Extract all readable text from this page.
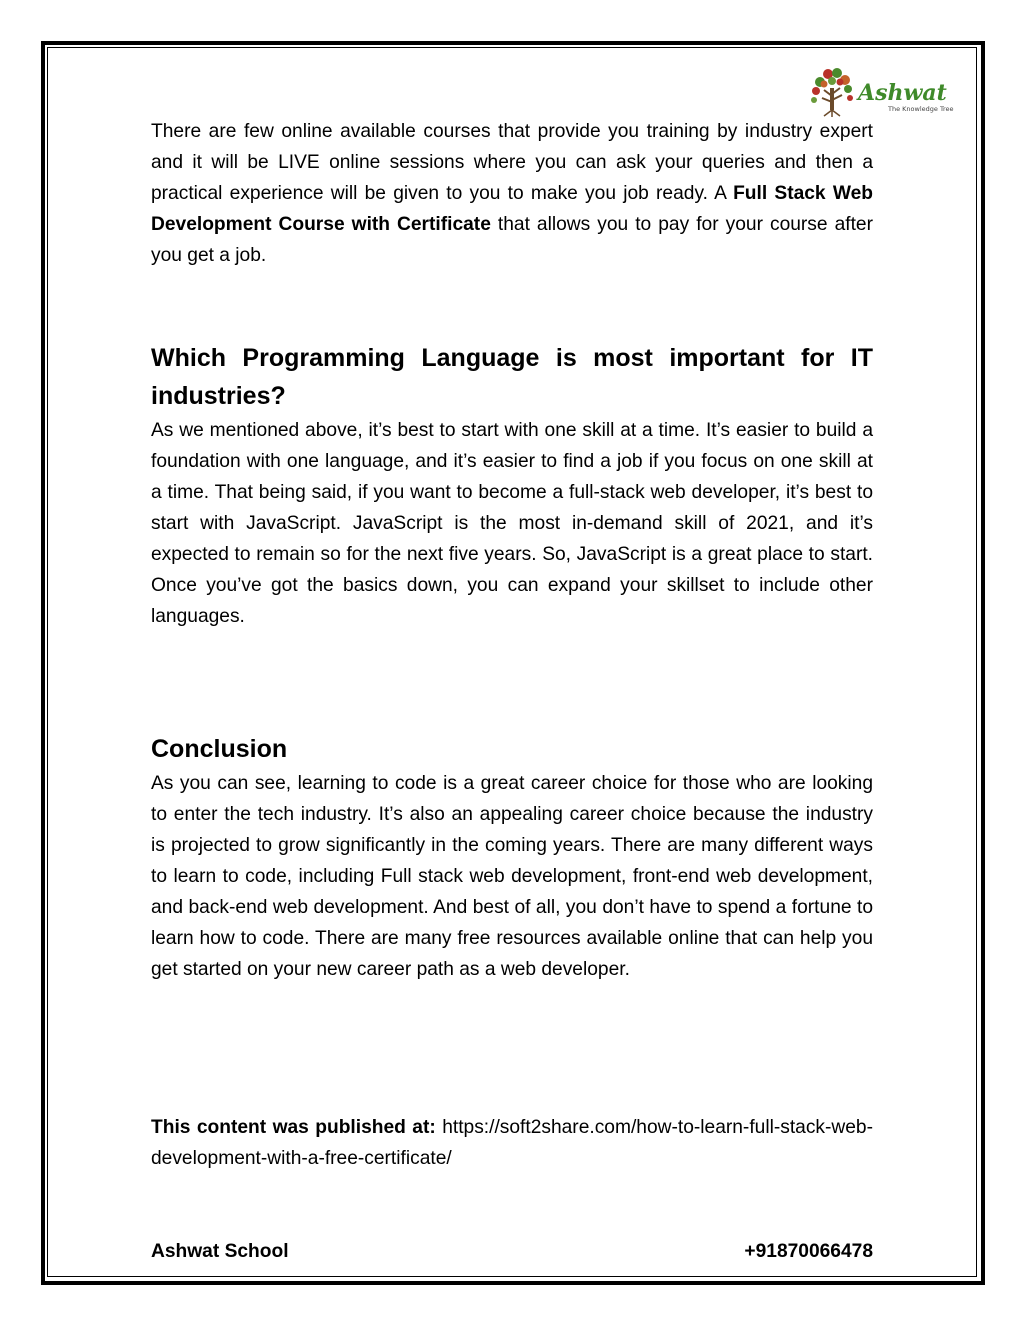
Ashwat
The Knowledge Tree

There are few online available courses that provide you training by industry expert and it will be LIVE online sessions where you can ask your queries and then a practical experience will be given to you to make you job ready. A Full Stack Web Development Course with Certificate that allows you to pay for your course after you get a job.

Which Programming Language is most important for IT industries?

As we mentioned above, it’s best to start with one skill at a time. It’s easier to build a foundation with one language, and it’s easier to find a job if you focus on one skill at a time. That being said, if you want to become a full-stack web developer, it’s best to start with JavaScript. JavaScript is the most in-demand skill of 2021, and it’s expected to remain so for the next five years. So, JavaScript is a great place to start. Once you’ve got the basics down, you can expand your skillset to include other languages.

Conclusion

As you can see, learning to code is a great career choice for those who are looking to enter the tech industry. It’s also an appealing career choice because the industry is projected to grow significantly in the coming years. There are many different ways to learn to code, including Full stack web development, front-end web development, and back-end web development. And best of all, you don’t have to spend a fortune to learn how to code. There are many free resources available online that can help you get started on your new career path as a web developer.

This content was published at: https://soft2share.com/how-to-learn-full-stack-web-development-with-a-free-certificate/

Ashwat School	+91870066478
